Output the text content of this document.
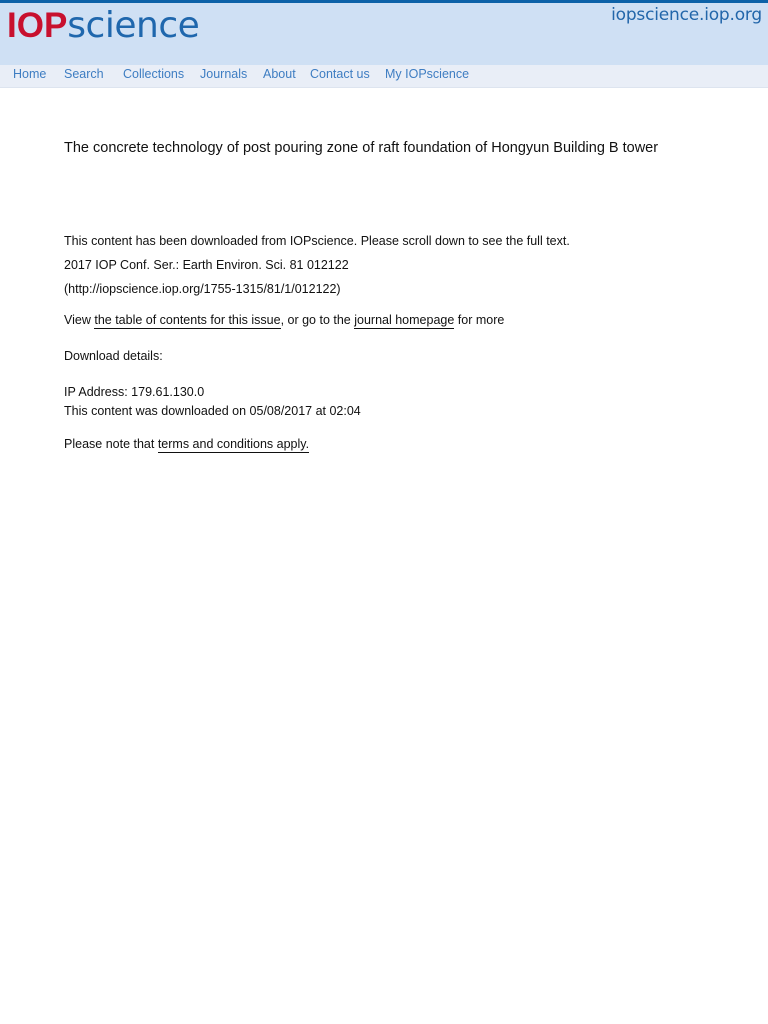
IOPscience	iopscience.iop.org
Home Search Collections Journals About Contact us My IOPscience
The concrete technology of post pouring zone of raft foundation of Hongyun Building B tower
This content has been downloaded from IOPscience. Please scroll down to see the full text.
2017 IOP Conf. Ser.: Earth Environ. Sci. 81 012122
(http://iopscience.iop.org/1755-1315/81/1/012122)
View the table of contents for this issue, or go to the journal homepage for more
Download details:
IP Address: 179.61.130.0
This content was downloaded on 05/08/2017 at 02:04
Please note that terms and conditions apply.
